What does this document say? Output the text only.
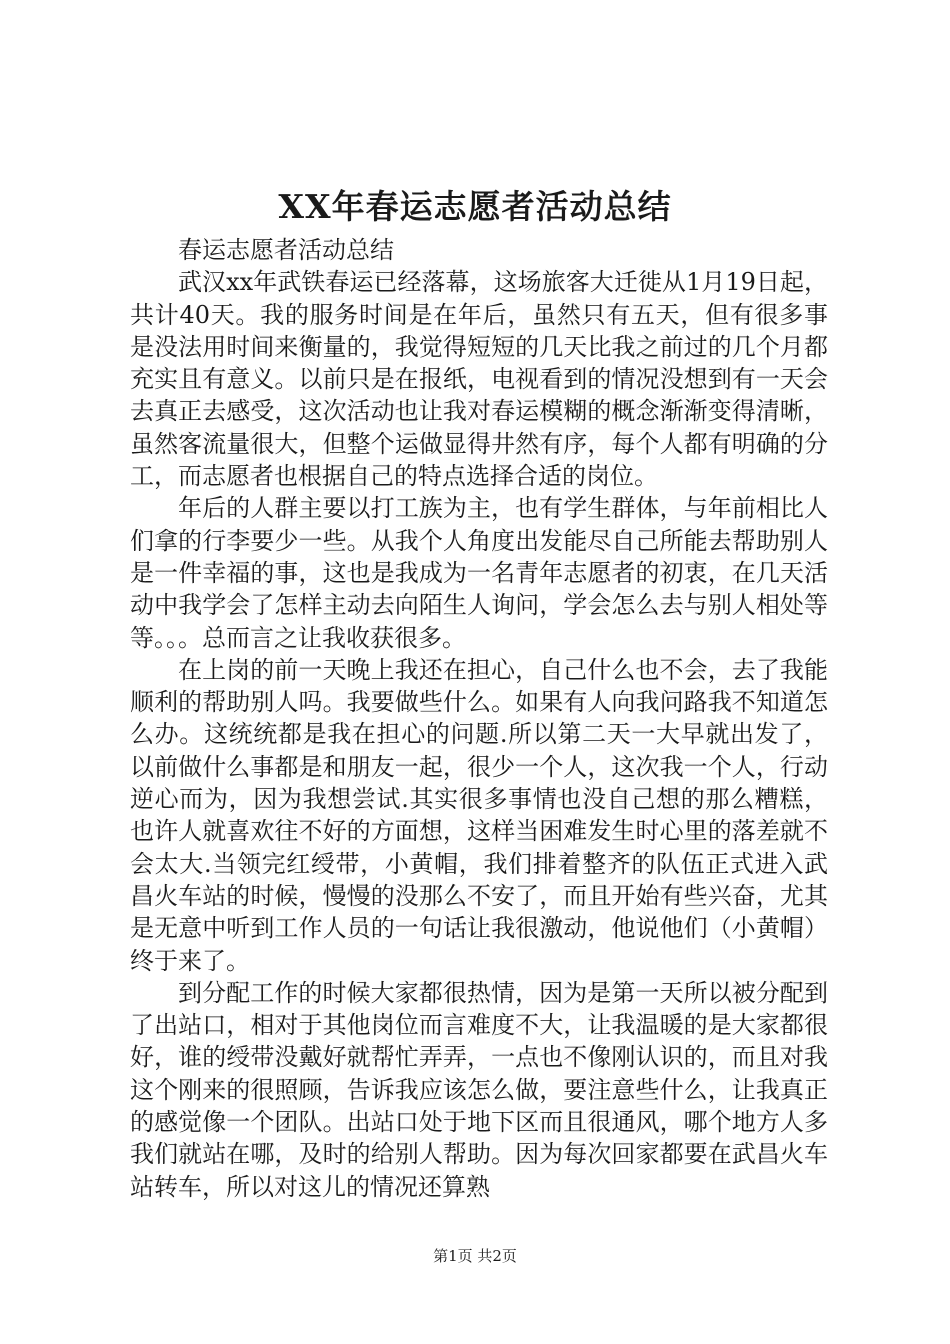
XX年春运志愿者活动总结

春运志愿者活动总结

武汉xx年武铁春运已经落幕，这场旅客大迁徙从1月19日起，共计40天。我的服务时间是在年后，虽然只有五天，但有很多事是没法用时间来衡量的，我觉得短短的几天比我之前过的几个月都充实且有意义。以前只是在报纸，电视看到的情况没想到有一天会去真正去感受，这次活动也让我对春运模糊的概念渐渐变得清晰，虽然客流量很大，但整个运做显得井然有序，每个人都有明确的分工，而志愿者也根据自己的特点选择合适的岗位。

年后的人群主要以打工族为主，也有学生群体，与年前相比人们拿的行李要少一些。从我个人角度出发能尽自己所能去帮助别人是一件幸福的事，这也是我成为一名青年志愿者的初衷，在几天活动中我学会了怎样主动去向陌生人询问，学会怎么去与别人相处等等。。。总而言之让我收获很多。

在上岗的前一天晚上我还在担心，自己什么也不会，去了我能顺利的帮助别人吗。我要做些什么。如果有人向我问路我不知道怎么办。这统统都是我在担心的问题.所以第二天一大早就出发了，以前做什么事都是和朋友一起，很少一个人，这次我一个人，行动逆心而为，因为我想尝试.其实很多事情也没自己想的那么糟糕，也许人就喜欢往不好的方面想，这样当困难发生时心里的落差就不会太大.当领完红绶带，小黄帽，我们排着整齐的队伍正式进入武昌火车站的时候，慢慢的没那么不安了，而且开始有些兴奋，尤其是无意中听到工作人员的一句话让我很激动，他说他们（小黄帽）终于来了。

到分配工作的时候大家都很热情，因为是第一天所以被分配到了出站口，相对于其他岗位而言难度不大，让我温暖的是大家都很好，谁的绶带没戴好就帮忙弄弄，一点也不像刚认识的，而且对我这个刚来的很照顾，告诉我应该怎么做，要注意些什么，让我真正的感觉像一个团队。出站口处于地下区而且很通风，哪个地方人多我们就站在哪，及时的给别人帮助。因为每次回家都要在武昌火车站转车，所以对这儿的情况还算熟

第1页 共2页
